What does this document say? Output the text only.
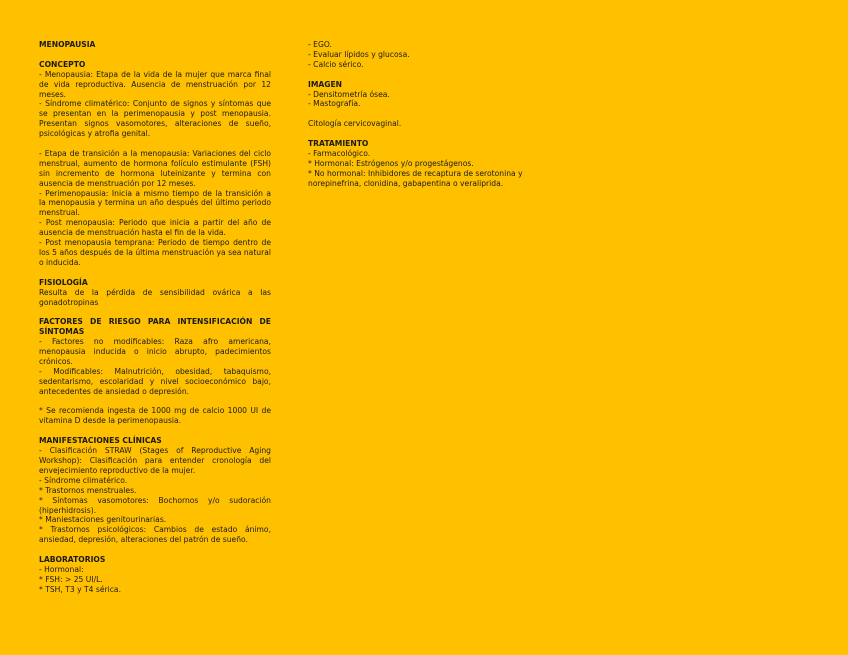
MENOPAUSIA
CONCEPTO

- Menopausia: Etapa de la vida de la mujer que marca final de vida reproductiva. Ausencia de menstruación por 12 meses.

- Síndrome climatérico: Conjunto de signos y síntomas que se presentan en la perimenopausia y post menopausia. Presentan signos vasomotores, alteraciones de sueño, psicológicas y atrofia genital.

- Etapa de transición a la menopausia: Variaciones del ciclo menstrual, aumento de hormona folículo estimulante (FSH) sin incremento de hormona luteinizante y termina con ausencia de menstruación por 12 meses.

- Perimenopausia: Inicia a mismo tiempo de la transición a la menopausia y termina un año después del último periodo menstrual.

- Post menopausia: Periodo que inicia a partir del año de ausencia de menstruación hasta el fin de la vida.

- Post menopausia temprana: Periodo de tiempo dentro de los 5 años después de la última menstruación ya sea natural o inducida.

FISIOLOGÍA

Resulta de la pérdida de sensibilidad ovárica a las gonadotropinas

FACTORES DE RIESGO PARA INTENSIFICACIÓN DE SÍNTOMAS

- Factores no modificables: Raza afro americana, menopausia inducida o inicio abrupto, padecimientos crónicos.

- Modificables: Malnutrición, obesidad, tabaquismo, sedentarismo, escolaridad y nivel socioeconómico bajo, antecedentes de ansiedad o depresión.

* Se recomienda ingesta de 1000 mg de calcio 1000 UI de vitamina D desde la perimenopausia.

MANIFESTACIONES CLÍNICAS

- Clasificación STRAW (Stages of Reproductive Aging Workshop): Clasificación para entender cronología del envejecimiento reproductivo de la mujer.

- Síndrome climatérico.

* Trastornos menstruales.

* Síntomas vasomotores: Bochornos y/o sudoración (hiperhidrosis).

* Maniestaciones genitourinarias.

* Trastornos psicológicos: Cambios de estado ánimo, ansiedad, depresión, alteraciones del patrón de sueño.

LABORATORIOS

- Hormonal:

* FSH: > 25 UI/L.

* TSH, T3 y T4 sérica.

- EGO.

- Evaluar lípidos y glucosa.

- Calcio sérico.

IMAGEN

- Densitometría ósea.

- Mastografía.

Citología cervicovaginal.

TRATAMIENTO

- Farmacológico.

* Hormonal: Estrógenos y/o progestágenos.

* No hormonal: Inhibidores de recaptura de serotonina y norepinefrina, clonidina, gabapentina o veraliprida.
